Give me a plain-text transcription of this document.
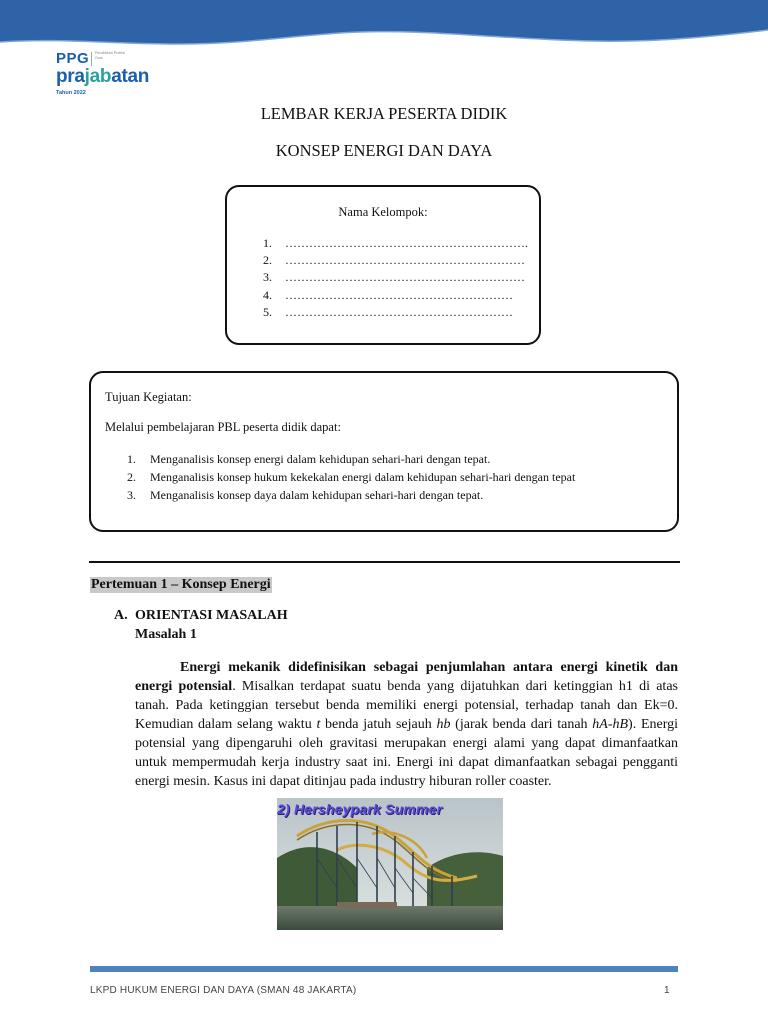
PPG Pendidikan Profesi Guru
prajabatan
Tahun 2022
LEMBAR KERJA PESERTA DIDIK
KONSEP ENERGI DAN DAYA
Nama Kelompok:
1. …………………………………………………….
2. ……………………………………………………
3. ……………………………………………………
4. …………………………………………………
5. …………………………………………………
Tujuan Kegiatan:
Melalui pembelajaran PBL peserta didik dapat:
1. Menganalisis konsep energi dalam kehidupan sehari-hari dengan tepat.
2. Menganalisis konsep hukum kekekalan energi dalam kehidupan sehari-hari dengan tepat
3. Menganalisis konsep daya dalam kehidupan sehari-hari dengan tepat.
Pertemuan 1 – Konsep Energi
A. ORIENTASI MASALAH
Masalah 1

Energi mekanik didefinisikan sebagai penjumlahan antara energi kinetik dan energi potensial. Misalkan terdapat suatu benda yang dijatuhkan dari ketinggian h1 di atas tanah. Pada ketinggian tersebut benda memiliki energi potensial, terhadap tanah dan Ek=0. Kemudian dalam selang waktu t benda jatuh sejauh hb (jarak benda dari tanah hA-hB). Energi potensial yang dipengaruhi oleh gravitasi merupakan energi alami yang dapat dimanfaatkan untuk mempermudah kerja industry saat ini. Energi ini dapat dimanfaatkan sebagai pengganti energi mesin. Kasus ini dapat ditinjau pada industry hiburan roller coaster.

2) Hersheypark Summer
LKPD HUKUM ENERGI DAN DAYA (SMAN 48 JAKARTA)	1
